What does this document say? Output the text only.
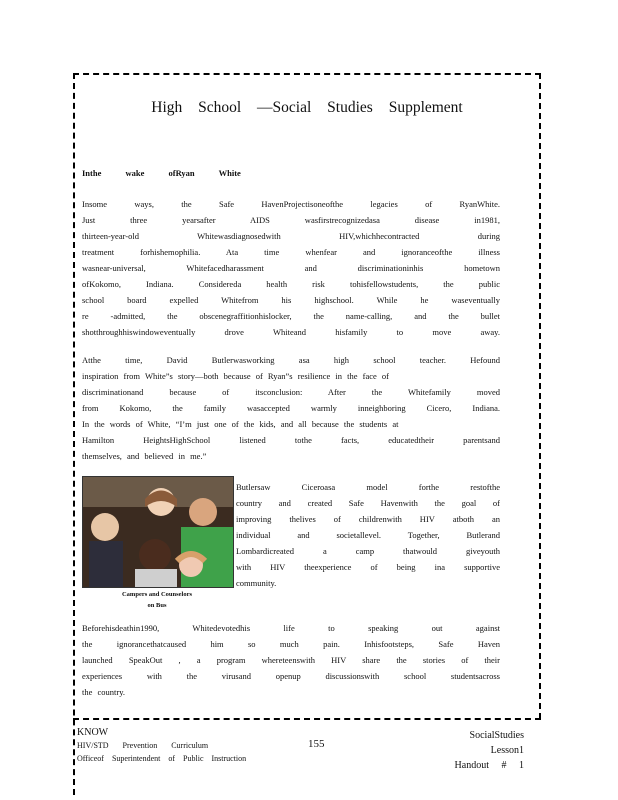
High School —Social Studies Supplement
Inthe wake ofRyan White
Insome ways, the Safe HavenProjectisoneofthe legacies of RyanWhite.
Just three yearsafter AIDS wasfirstrecognizedasa disease in1981,
thirteen-year-old Whitewasdiagnosedwith HIV,whichhecontracted during
treatment forhishemophilia. Ata time whenfear and ignoranceofthe illness
wasnear-universal, Whitefacedharassment and discriminationinhis hometown
ofKokomo, Indiana. Considereda health risk tohisfellowstudents, the public
school board expelled Whitefrom his highschool. While he waseventually
re -admitted, the obscenegraffitionhislocker, the name-calling, and the bullet
shotthroughhiswindoweventually drove Whiteand hisfamily to move away.
Atthe time, David Butlerwasworking asa high school teacher. Hefound
inspiration from White”s story—both because of Ryan”s resilience in the face of
discriminationand because of itsconclusion: After the Whitefamily moved
from Kokomo, the family wasaccepted warmly inneighboring Cicero, Indiana.
In the words of White, “I’m just one of the kids, and all because the students at
Hamilton HeightsHighSchool listened tothe facts, educatedtheir parentsand
themselves, and believed in me.”
Campers and Counselors
on Bus
Butlersaw Ciceroasa model forthe restofthe
country and created Safe Havenwith the goal of
improving thelives of childrenwith HIV atboth an
individual and societallevel. Together, Butlerand
Lombardicreated a camp thatwould giveyouth
with HIV theexperience of being ina supportive
community.
Beforehisdeathin1990, Whitedevotedhis life to speaking out against
the ignorancethatcaused him so much pain. Inhisfootsteps, Safe Haven
launched SpeakOut , a program whereteenswith HIV share the stories of their
experiences with the virusand openup discussionswith school studentsacross
the country.
KNOW
HIV/STD Prevention Curriculum
Officeof Superintendent of Public Instruction
155
SocialStudies
Lesson1
Handout # 1
